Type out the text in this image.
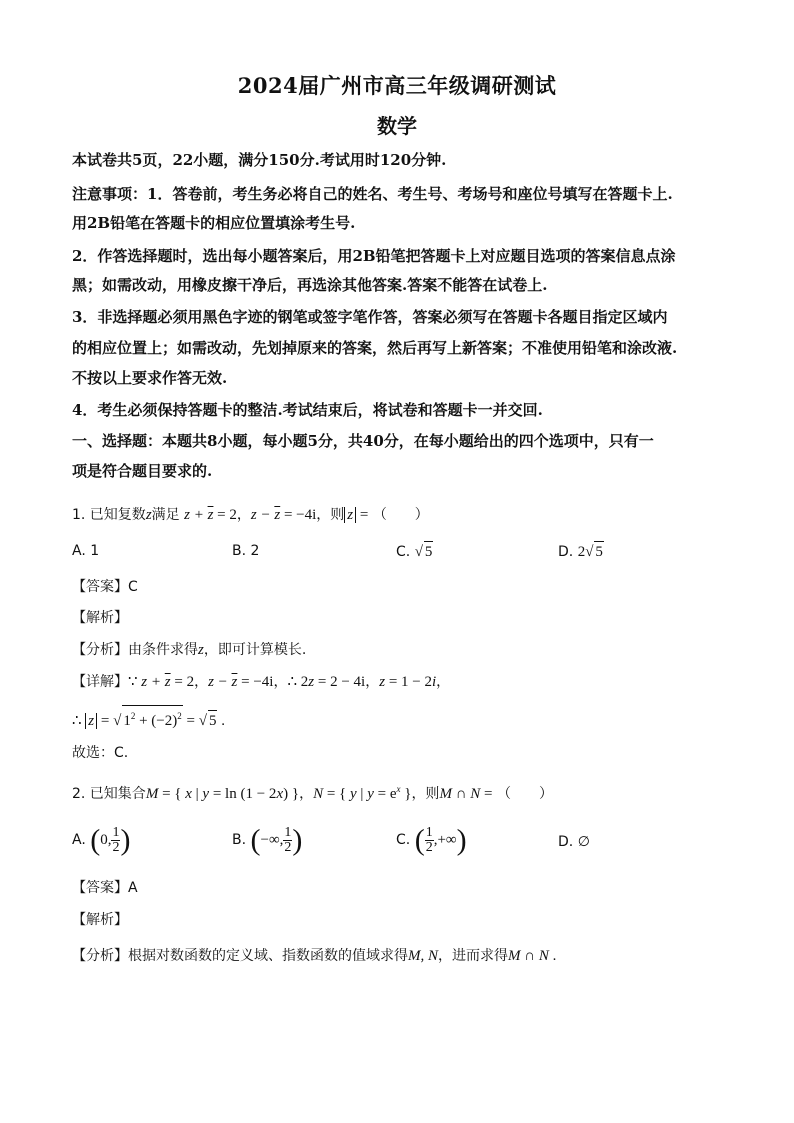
2024届广州市高三年级调研测试
数学
本试卷共5页，22小题，满分150分.考试用时120分钟.
注意事项：1．答卷前，考生务必将自己的姓名、考生号、考场号和座位号填写在答题卡上.
用2B铅笔在答题卡的相应位置填涂考生号.
2．作答选择题时，选出每小题答案后，用2B铅笔把答题卡上对应题目选项的答案信息点涂
黑；如需改动，用橡皮擦干净后，再选涂其他答案.答案不能答在试卷上.
3．非选择题必须用黑色字迹的钢笔或签字笔作答，答案必须写在答题卡各题目指定区域内
的相应位置上；如需改动，先划掉原来的答案，然后再写上新答案；不准使用铅笔和涂改液.
不按以上要求作答无效.
4．考生必须保持答题卡的整洁.考试结束后，将试卷和答题卡一并交回.
一、选择题：本题共8小题，每小题5分，共40分，在每小题给出的四个选项中，只有一
项是符合题目要求的.
1. 已知复数z满足 $z + \overline{z} = 2$，$z - \overline{z} = -4i$，则 z = （　　）
A. 1	B. 2	C. √ 5	D. 2√ 5
【答案】C
【解析】
【分析】由条件求得z，即可计算模长.
【详解】∵ $z + \overline{z} = 2$，$z - \overline{z} = -4i$，∴ 2z = 2 − 4i，z = 1 − 2i，
∴ z = √ $1^2 + (-2)^2$ = √ 5 .
故选：C.
2. 已知集合M = { x | y = ln (1 − 2x) }，N = { y | $y = e^x$ }，则M ∩ N = （　　）
A. (0, $\frac{1}{2}$ )	B. (−∞, $\frac{1}{2}$ )	C. ( $\frac{1}{2}$ ,+∞)	D. ∅
【答案】A
【解析】
【分析】根据对数函数的定义域、指数函数的值域求得M, N，进而求得M ∩ N .
